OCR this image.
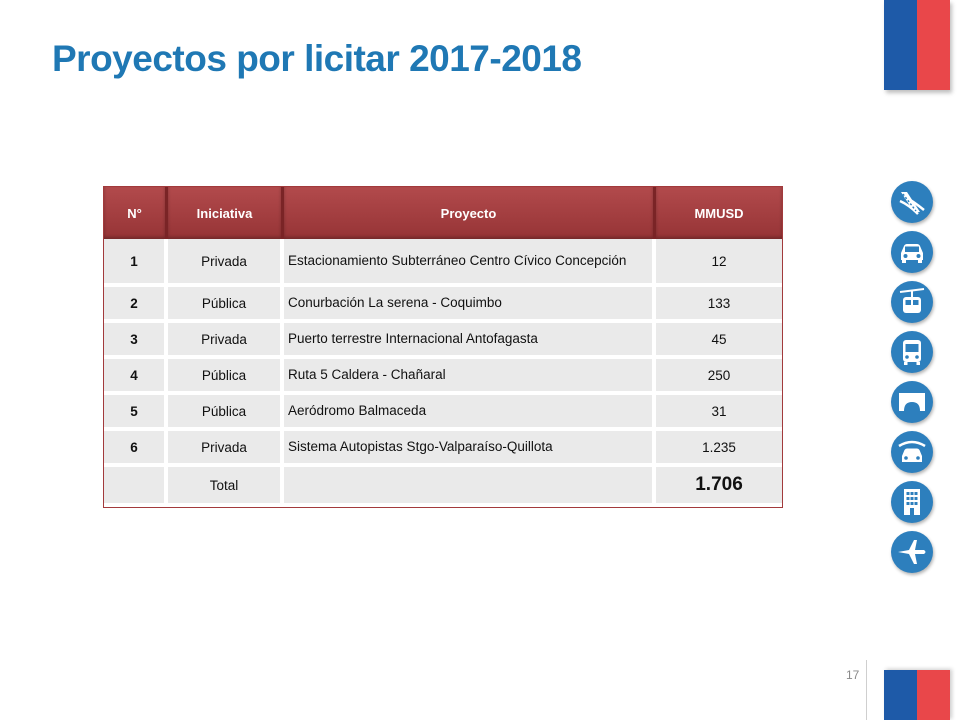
Proyectos por licitar 2017-2018
N°	Iniciativa	Proyecto	MMUSD
1	Privada	Estacionamiento Subterráneo Centro Cívico Concepción	12
2	Pública	Conurbación La serena - Coquimbo	133
3	Privada	Puerto terrestre Internacional Antofagasta	45
4	Pública	Ruta 5 Caldera - Chañaral	250
5	Pública	Aeródromo Balmaceda	31
6	Privada	Sistema Autopistas Stgo-Valparaíso-Quillota	1.235
	Total		1.706
17
